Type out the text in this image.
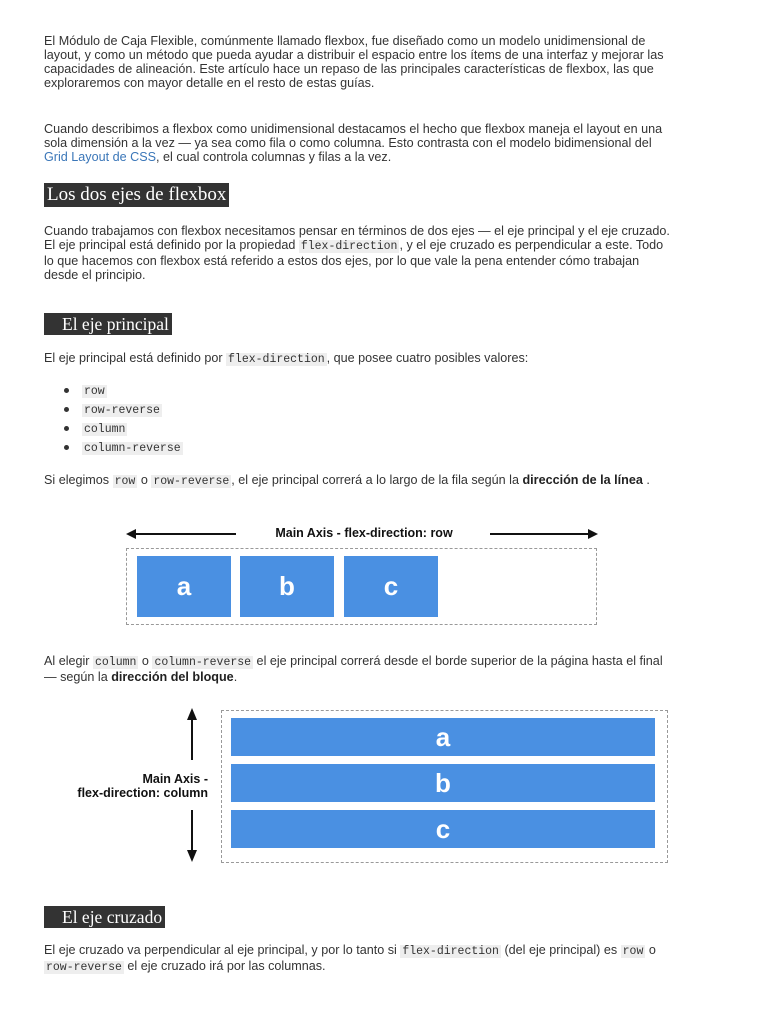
El Módulo de Caja Flexible, comúnmente llamado flexbox, fue diseñado como un modelo unidimensional de layout, y como un método que pueda ayudar a distribuir el espacio entre los ítems de una interfaz y mejorar las capacidades de alineación. Este artículo hace un repaso de las principales características de flexbox, las que exploraremos con mayor detalle en el resto de estas guías.

Cuando describimos a flexbox como unidimensional destacamos el hecho que flexbox maneja el layout en una sola dimensión a la vez — ya sea como fila o como columna. Esto contrasta con el modelo bidimensional del Grid Layout de CSS, el cual controla columnas y filas a la vez.

Los dos ejes de flexbox

Cuando trabajamos con flexbox necesitamos pensar en términos de dos ejes — el eje principal y el eje cruzado. El eje principal está definido por la propiedad flex-direction , y el eje cruzado es perpendicular a este. Todo lo que hacemos con flexbox está referido a estos dos ejes, por lo que vale la pena entender cómo trabajan desde el principio.

El eje principal

El eje principal está definido por flex-direction , que posee cuatro posibles valores:

row
row-reverse
column
column-reverse

Si elegimos row o row-reverse , el eje principal correrá a lo largo de la fila según la dirección de la línea .

Al elegir column o column-reverse el eje principal correrá desde el borde superior de la página hasta el final — según la dirección del bloque.

El eje cruzado

El eje cruzado va perpendicular al eje principal, y por lo tanto si flex-direction (del eje principal) es row o row-reverse el eje cruzado irá por las columnas.

Main Axis - flex-direction: row
a	b	c
Main Axis -
flex-direction: column
a
b
c
